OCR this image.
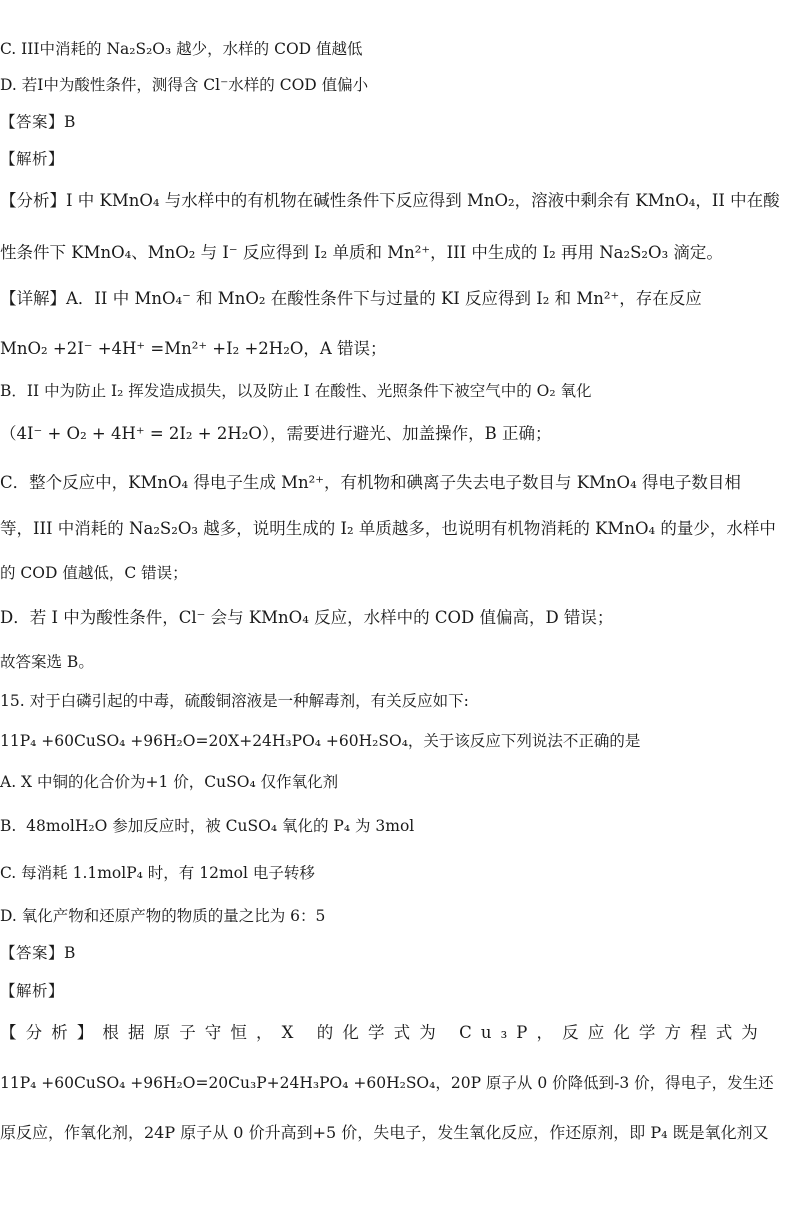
C. III中消耗的 Na₂S₂O₃ 越少，水样的 COD 值越低
D. 若I中为酸性条件，测得含 Cl⁻水样的 COD 值偏小
【答案】B
【解析】
【分析】I 中 KMnO₄ 与水样中的有机物在碱性条件下反应得到 MnO₂，溶液中剩余有 KMnO₄，II 中在酸
性条件下 KMnO₄、MnO₂ 与 I⁻ 反应得到 I₂ 单质和 Mn²⁺，III 中生成的 I₂ 再用 Na₂S₂O₃ 滴定。
【详解】A．II 中 MnO₄⁻ 和 MnO₂ 在酸性条件下与过量的 KI 反应得到 I₂ 和 Mn²⁺，存在反应
MnO₂ +2I⁻ +4H⁺ =Mn²⁺ +I₂ +2H₂O，A 错误；
B．II 中为防止 I₂ 挥发造成损失，以及防止 I 在酸性、光照条件下被空气中的 O₂ 氧化
（4I⁻ + O₂ + 4H⁺ = 2I₂ + 2H₂O），需要进行避光、加盖操作，B 正确；
C．整个反应中，KMnO₄ 得电子生成 Mn²⁺，有机物和碘离子失去电子数目与 KMnO₄ 得电子数目相
等，III 中消耗的 Na₂S₂O₃ 越多，说明生成的 I₂ 单质越多，也说明有机物消耗的 KMnO₄ 的量少，水样中
的 COD 值越低，C 错误；
D．若 I 中为酸性条件，Cl⁻ 会与 KMnO₄ 反应，水样中的 COD 值偏高，D 错误；
故答案选 B。
15. 对于白磷引起的中毒，硫酸铜溶液是一种解毒剂，有关反应如下:
11P₄ +60CuSO₄ +96H₂O=20X+24H₃PO₄ +60H₂SO₄，关于该反应下列说法不正确的是
A. X 中铜的化合价为+1 价，CuSO₄ 仅作氧化剂
B.  48molH₂O 参加反应时，被 CuSO₄ 氧化的 P₄ 为 3mol
C. 每消耗 1.1molP₄ 时，有 12mol 电子转移
D. 氧化产物和还原产物的物质的量之比为 6：5
【答案】B
【解析】
【分析】根据原子守恒，X 的化学式为 Cu₃P，反应化学方程式为
11P₄ +60CuSO₄ +96H₂O=20Cu₃P+24H₃PO₄ +60H₂SO₄，20P 原子从 0 价降低到-3 价，得电子，发生还
原反应，作氧化剂，24P 原子从 0 价升高到+5 价，失电子，发生氧化反应，作还原剂，即 P₄ 既是氧化剂又
